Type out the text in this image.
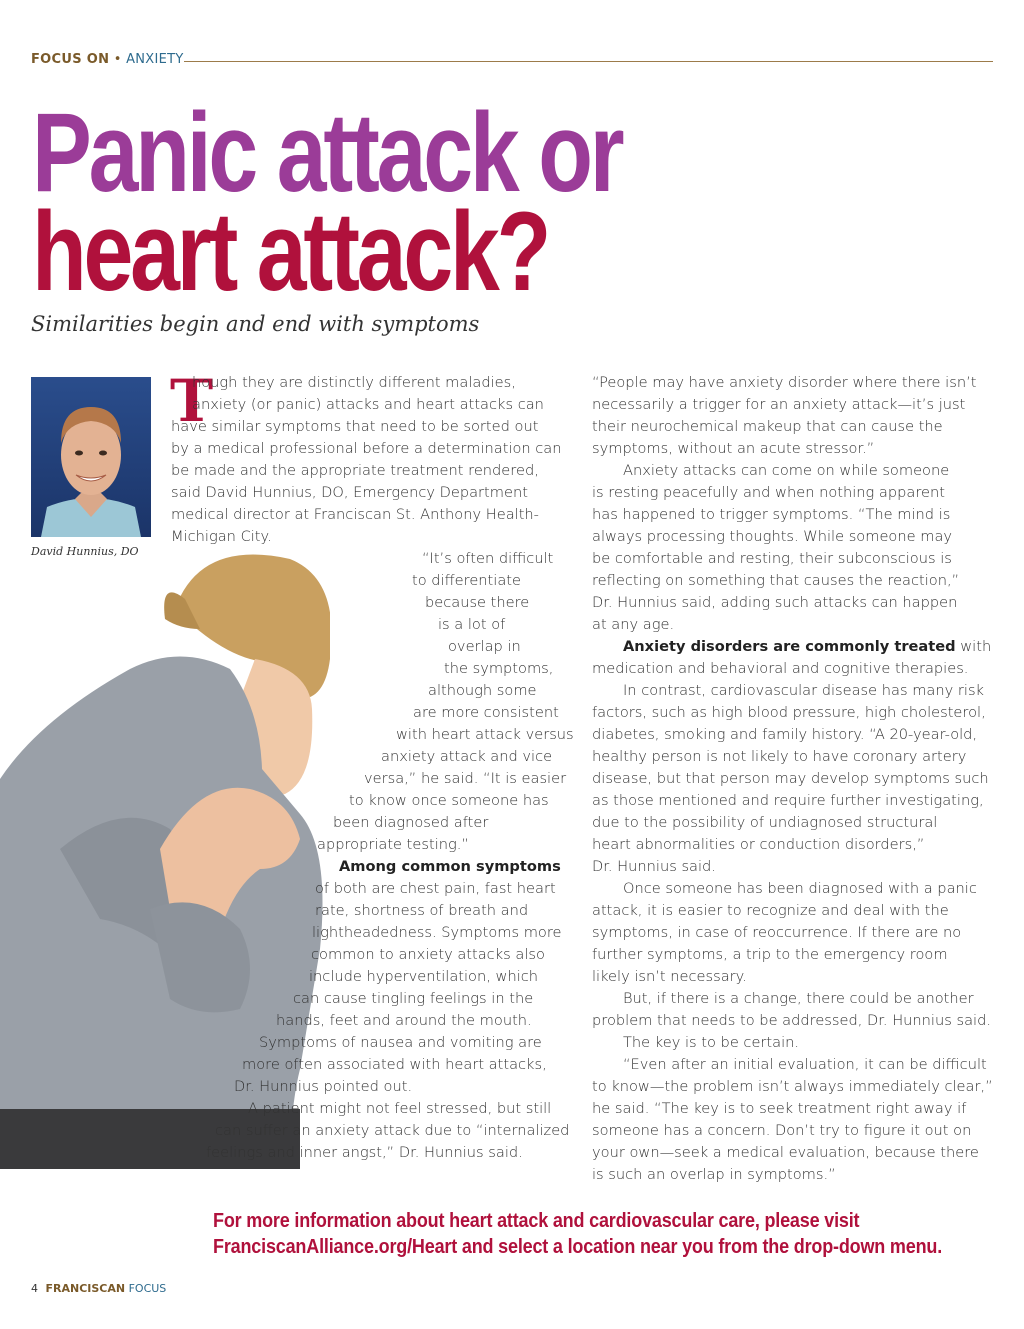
FOCUS ON • ANXIETY
Panic attack or
heart attack?
Similarities begin and end with symptoms
David Hunnius, DO
T
hough they are distinctly different maladies,
anxiety (or panic) attacks and heart attacks can
have similar symptoms that need to be sorted out
by a medical professional before a determination can
be made and the appropriate treatment rendered,
said David Hunnius, DO, Emergency Department
medical director at Franciscan St. Anthony Health-
Michigan City.
“It’s often difficult
to differentiate
because there
is a lot of
overlap in
the symptoms,
although some
are more consistent
with heart attack versus
anxiety attack and vice
versa,” he said. “It is easier
to know once someone has
been diagnosed after
appropriate testing.”
Among common symptoms
of both are chest pain, fast heart
rate, shortness of breath and
lightheadedness. Symptoms more
common to anxiety attacks also
include hyperventilation, which
can cause tingling feelings in the
hands, feet and around the mouth.
Symptoms of nausea and vomiting are
more often associated with heart attacks,
Dr. Hunnius pointed out.
A patient might not feel stressed, but still
can suffer an anxiety attack due to “internalized
feelings and inner angst,” Dr. Hunnius said.
“People may have anxiety disorder where there isn’t
necessarily a trigger for an anxiety attack—it’s just
their neurochemical makeup that can cause the
symptoms, without an acute stressor.”
Anxiety attacks can come on while someone
is resting peacefully and when nothing apparent
has happened to trigger symptoms. “The mind is
always processing thoughts. While someone may
be comfortable and resting, their subconscious is
reflecting on something that causes the reaction,”
Dr. Hunnius said, adding such attacks can happen
at any age.
Anxiety disorders are commonly treated with
medication and behavioral and cognitive therapies.
In contrast, cardiovascular disease has many risk
factors, such as high blood pressure, high cholesterol,
diabetes, smoking and family history. “A 20-year-old,
healthy person is not likely to have coronary artery
disease, but that person may develop symptoms such
as those mentioned and require further investigating,
due to the possibility of undiagnosed structural
heart abnormalities or conduction disorders,”
Dr. Hunnius said.
Once someone has been diagnosed with a panic
attack, it is easier to recognize and deal with the
symptoms, in case of reoccurrence. If there are no
further symptoms, a trip to the emergency room
likely isn’t necessary.
But, if there is a change, there could be another
problem that needs to be addressed, Dr. Hunnius said.
The key is to be certain.
“Even after an initial evaluation, it can be difficult
to know—the problem isn’t always immediately clear,”
he said. “The key is to seek treatment right away if
someone has a concern. Don’t try to figure it out on
your own—seek a medical evaluation, because there
is such an overlap in symptoms.”
For more information about heart attack and cardiovascular care, please visit
FranciscanAlliance.org/Heart and select a location near you from the drop-down menu.
4 FRANCISCAN FOCUS
